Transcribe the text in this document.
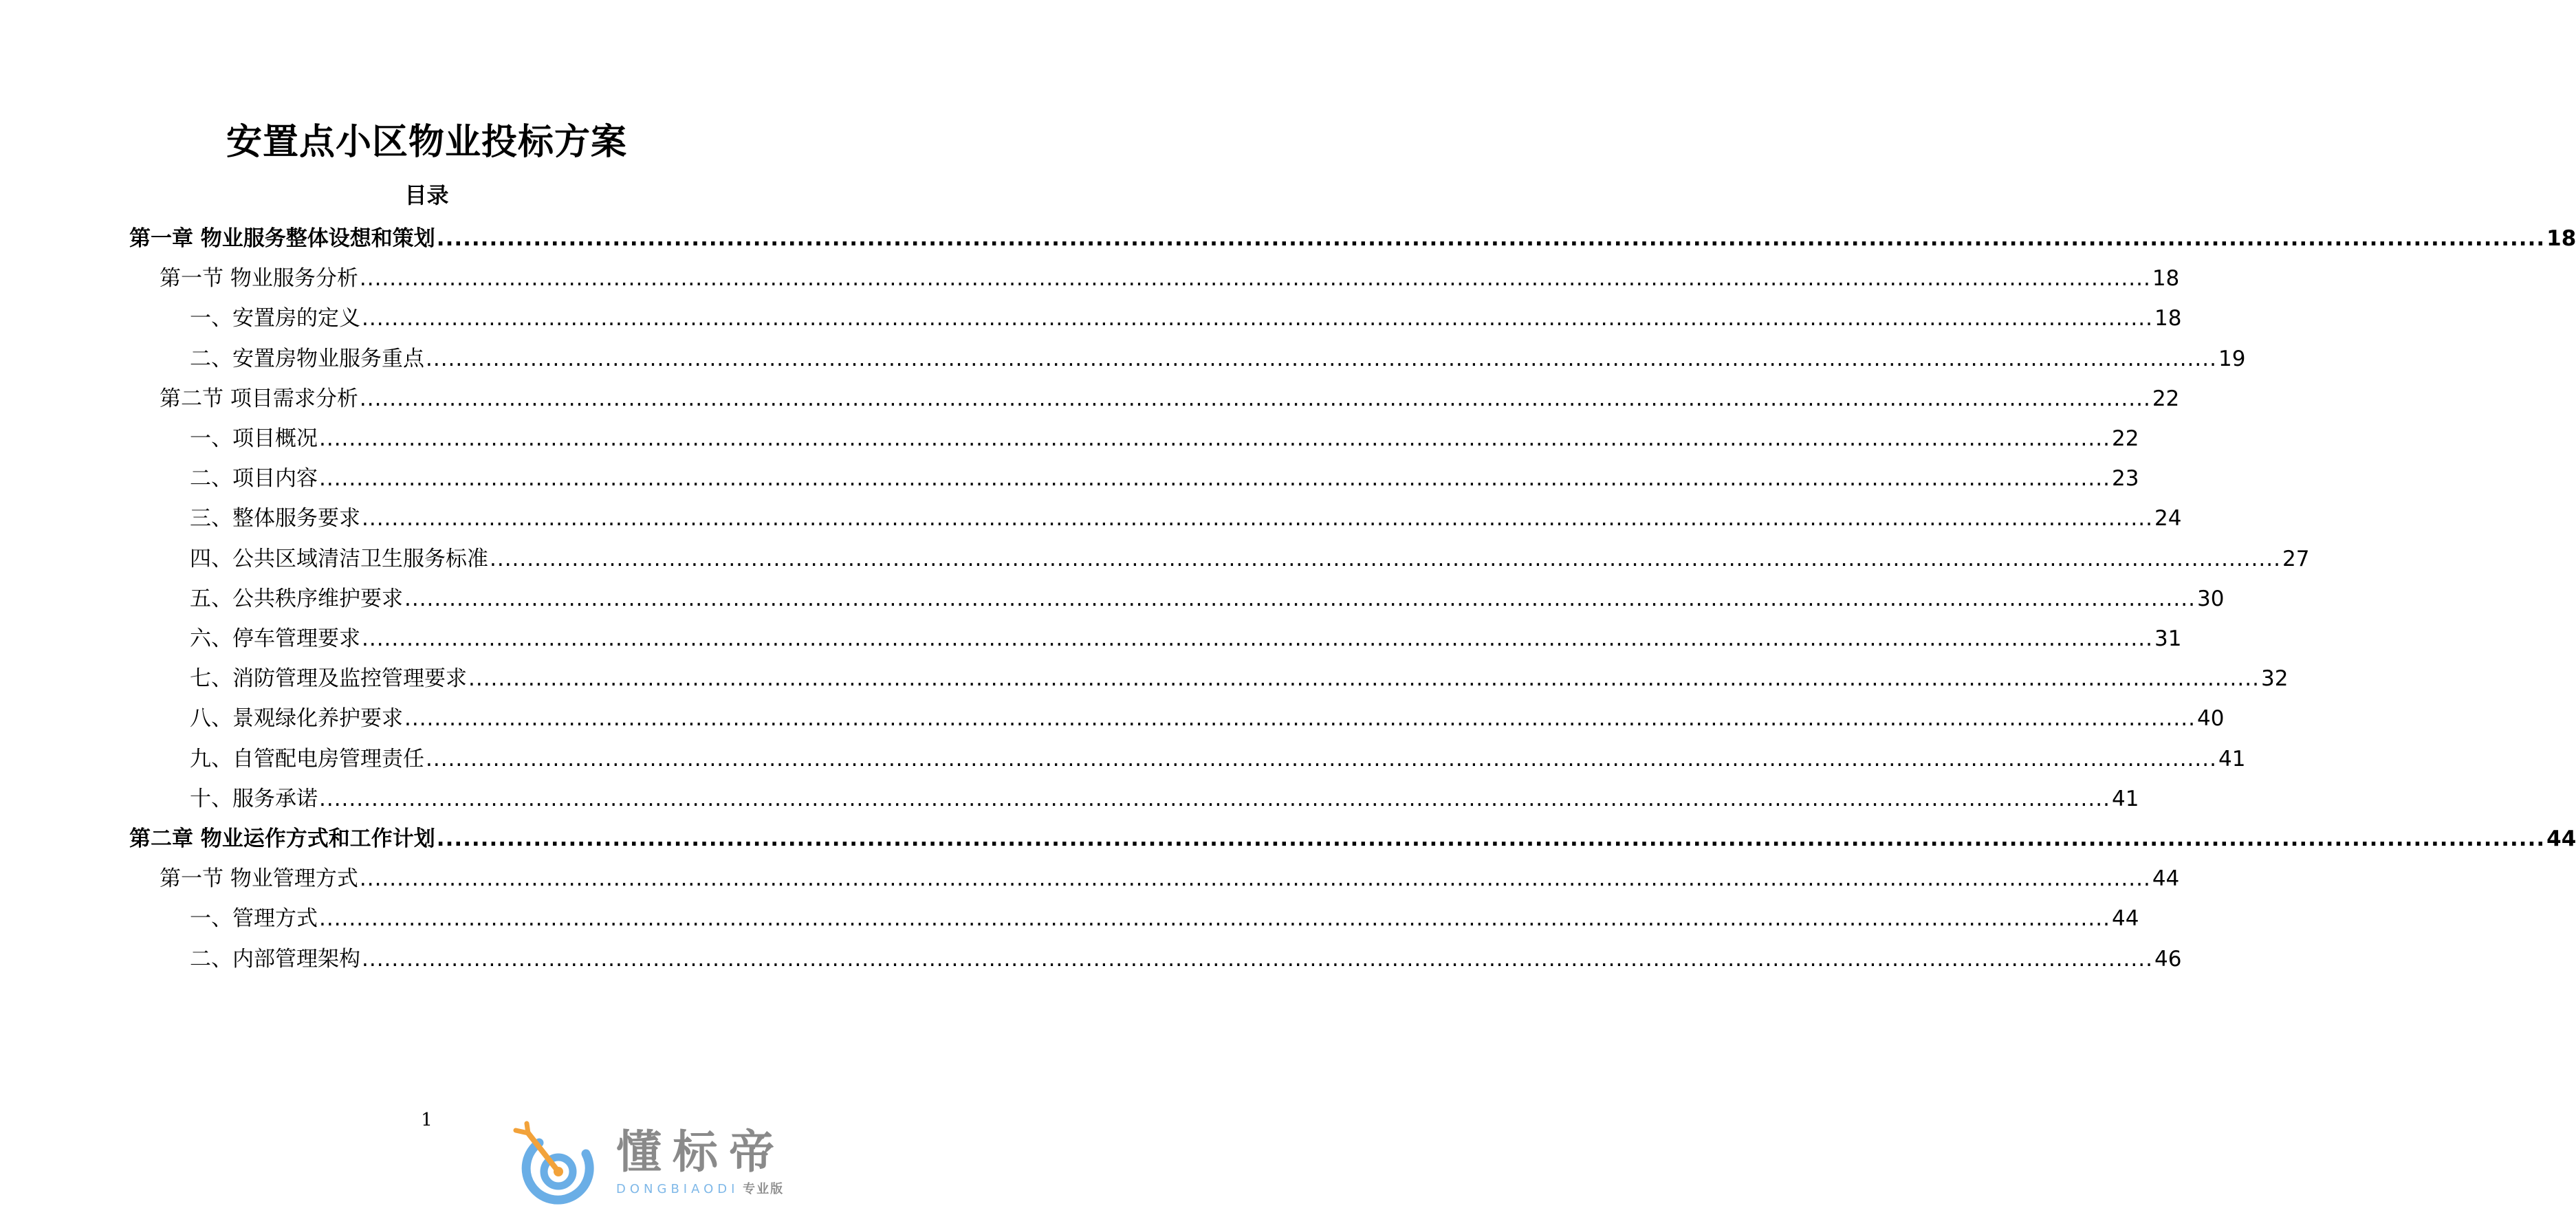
安置点小区物业投标方案
目录
第一章 物业服务整体设想和策划 ................................................................................................................................................................................................................................................ 18
第一节 物业服务分析 ................................................................................................................................................................................................................................................ 18
一、安置房的定义 ................................................................................................................................................................................................................................................ 18
二、安置房物业服务重点 ................................................................................................................................................................................................................................................ 19
第二节 项目需求分析 ................................................................................................................................................................................................................................................ 22
一、项目概况 ................................................................................................................................................................................................................................................ 22
二、项目内容 ................................................................................................................................................................................................................................................ 23
三、整体服务要求 ................................................................................................................................................................................................................................................ 24
四、公共区域清洁卫生服务标准 ................................................................................................................................................................................................................................................ 27
五、公共秩序维护要求 ................................................................................................................................................................................................................................................ 30
六、停车管理要求 ................................................................................................................................................................................................................................................ 31
七、消防管理及监控管理要求 ................................................................................................................................................................................................................................................ 32
八、景观绿化养护要求 ................................................................................................................................................................................................................................................ 40
九、自管配电房管理责任 ................................................................................................................................................................................................................................................ 41
十、服务承诺 ................................................................................................................................................................................................................................................ 41
第二章 物业运作方式和工作计划 ................................................................................................................................................................................................................................................ 44
第一节 物业管理方式 ................................................................................................................................................................................................................................................ 44
一、管理方式 ................................................................................................................................................................................................................................................ 44
二、内部管理架构 ................................................................................................................................................................................................................................................ 46
1
懂标帝
DONGBIAODI 专业版
